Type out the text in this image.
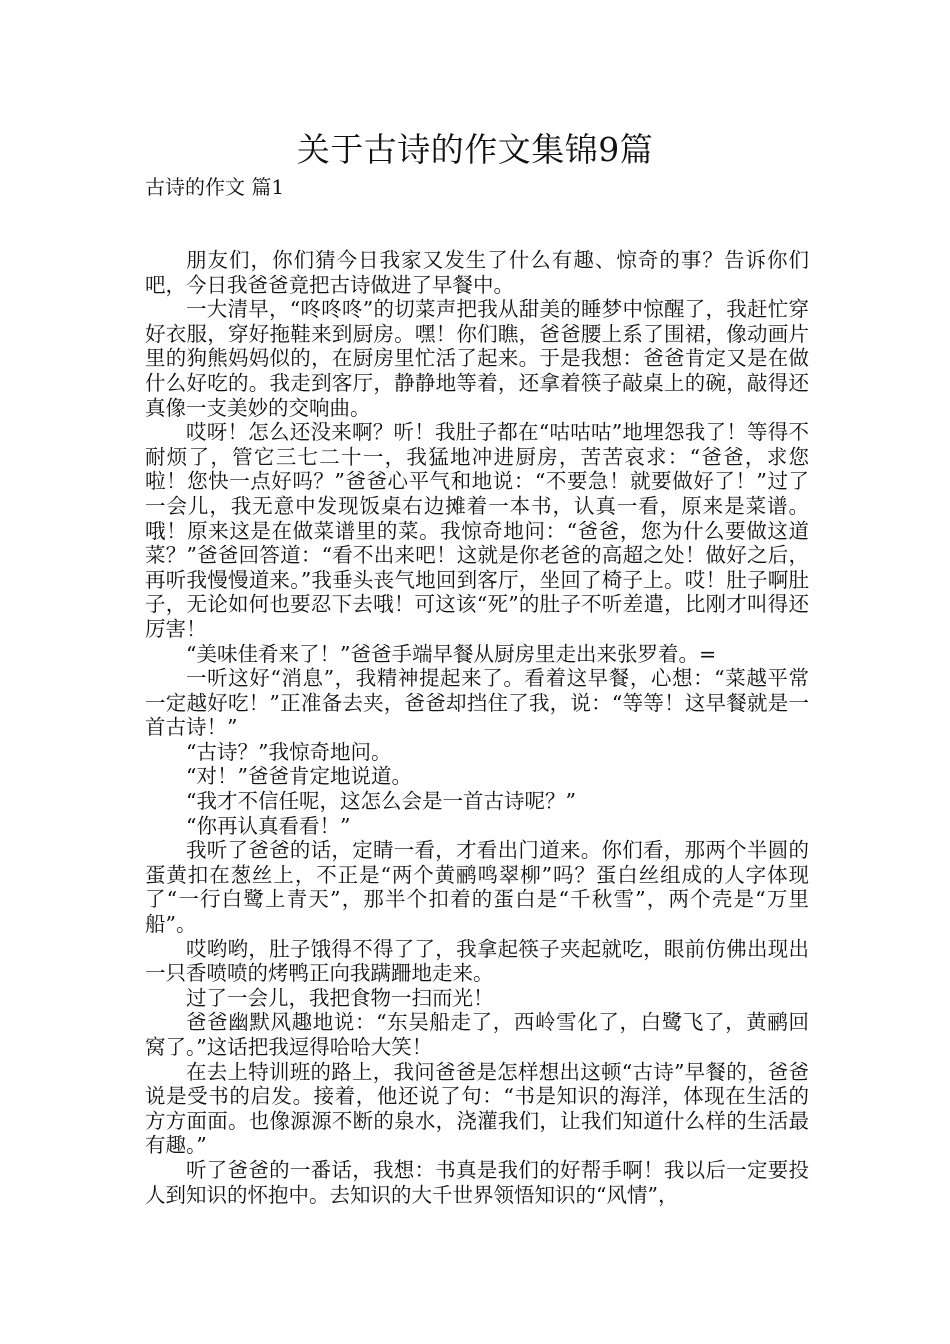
关于古诗的作文集锦9篇
古诗的作文 篇1

朋友们，你们猜今日我家又发生了什么有趣、惊奇的事？告诉你们吧，今日我爸爸竟把古诗做进了早餐中。

一大清早，“咚咚咚”的切菜声把我从甜美的睡梦中惊醒了，我赶忙穿好衣服，穿好拖鞋来到厨房。嘿！你们瞧，爸爸腰上系了围裙，像动画片里的狗熊妈妈似的，在厨房里忙活了起来。于是我想：爸爸肯定又是在做什么好吃的。我走到客厅，静静地等着，还拿着筷子敲桌上的碗，敲得还真像一支美妙的交响曲。

哎呀！怎么还没来啊？听！我肚子都在“咕咕咕”地埋怨我了！等得不耐烦了，管它三七二十一，我猛地冲进厨房，苦苦哀求：“爸爸，求您啦！您快一点好吗？”爸爸心平气和地说：“不要急！就要做好了！”过了一会儿，我无意中发现饭桌右边摊着一本书，认真一看，原来是菜谱。哦！原来这是在做菜谱里的菜。我惊奇地问：“爸爸，您为什么要做这道菜？”爸爸回答道：“看不出来吧！这就是你老爸的高超之处！做好之后，再听我慢慢道来。”我垂头丧气地回到客厅，坐回了椅子上。哎！肚子啊肚子，无论如何也要忍下去哦！可这该“死”的肚子不听差遣，比刚才叫得还厉害！

“美味佳肴来了！”爸爸手端早餐从厨房里走出来张罗着。=

一听这好“消息”，我精神提起来了。看着这早餐，心想：“菜越平常一定越好吃！”正准备去夹，爸爸却挡住了我，说：“等等！这早餐就是一首古诗！”

“古诗？”我惊奇地问。

“对！”爸爸肯定地说道。

“我才不信任呢，这怎么会是一首古诗呢？”

“你再认真看看！”

我听了爸爸的话，定睛一看，才看出门道来。你们看，那两个半圆的蛋黄扣在葱丝上，不正是“两个黄鹂鸣翠柳”吗？蛋白丝组成的人字体现了“一行白鹭上青天”，那半个扣着的蛋白是“千秋雪”，两个壳是“万里船”。

哎哟哟，肚子饿得不得了了，我拿起筷子夹起就吃，眼前仿佛出现出一只香喷喷的烤鸭正向我蹒跚地走来。

过了一会儿，我把食物一扫而光！

爸爸幽默风趣地说：“东吴船走了，西岭雪化了，白鹭飞了，黄鹂回窝了。”这话把我逗得哈哈大笑！

在去上特训班的路上，我问爸爸是怎样想出这顿“古诗”早餐的，爸爸说是受书的启发。接着，他还说了句：“书是知识的海洋，体现在生活的方方面面。也像源源不断的泉水，浇灌我们，让我们知道什么样的生活最有趣。”

听了爸爸的一番话，我想：书真是我们的好帮手啊！我以后一定要投人到知识的怀抱中。去知识的大千世界领悟知识的“风情”，
